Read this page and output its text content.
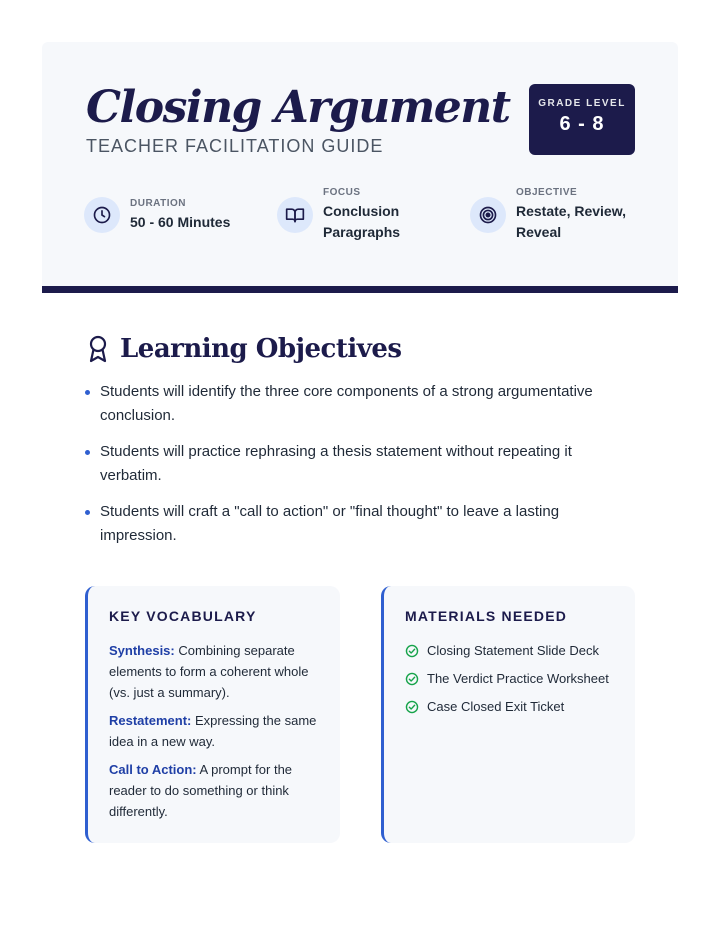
Closing Argument
TEACHER FACILITATION GUIDE
GRADE LEVEL
6 - 8
DURATION
50 - 60 Minutes
FOCUS
Conclusion
Paragraphs
OBJECTIVE
Restate, Review,
Reveal
Learning Objectives
Students will identify the three core components of a strong argumentative conclusion.
Students will practice rephrasing a thesis statement without repeating it verbatim.
Students will craft a "call to action" or "final thought" to leave a lasting impression.
KEY VOCABULARY
Synthesis: Combining separate elements to form a coherent whole (vs. just a summary).
Restatement: Expressing the same idea in a new way.
Call to Action: A prompt for the reader to do something or think differently.
MATERIALS NEEDED
Closing Statement Slide Deck
The Verdict Practice Worksheet
Case Closed Exit Ticket
